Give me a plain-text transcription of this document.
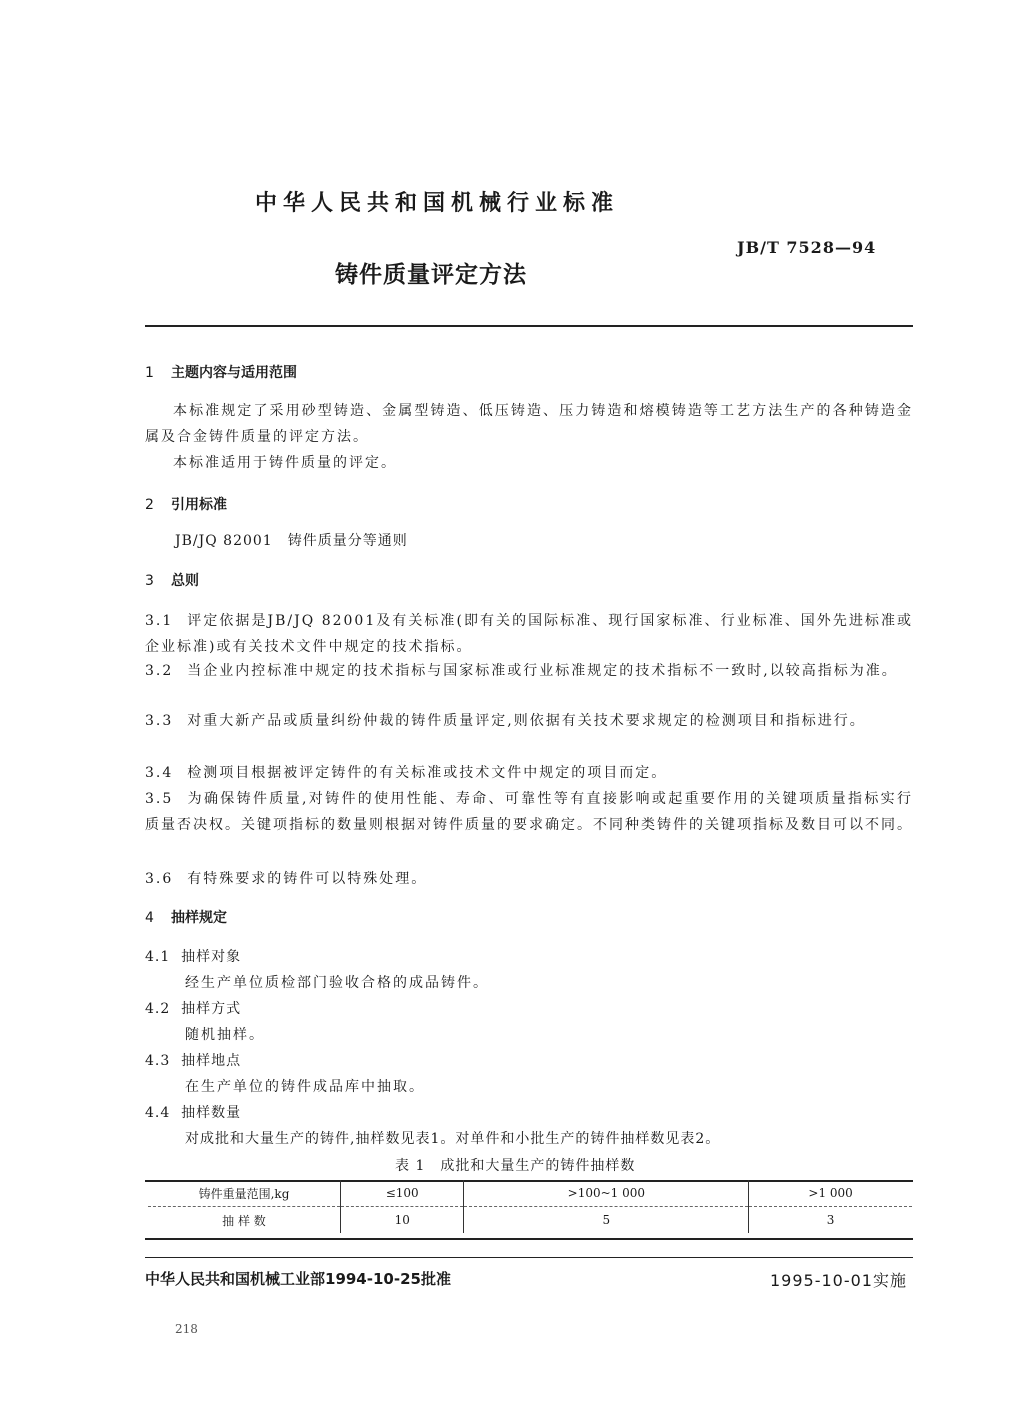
中华人民共和国机械行业标准
JB/T 7528—94
铸件质量评定方法
1 主题内容与适用范围
本标准规定了采用砂型铸造、金属型铸造、低压铸造、压力铸造和熔模铸造等工艺方法生产的各种铸造金属及合金铸件质量的评定方法。
本标准适用于铸件质量的评定。
2 引用标准
JB/JQ 82001　铸件质量分等通则
3 总则
3.1 评定依据是JB/JQ 82001及有关标准(即有关的国际标准、现行国家标准、行业标准、国外先进标准或企业标准)或有关技术文件中规定的技术指标。
3.2 当企业内控标准中规定的技术指标与国家标准或行业标准规定的技术指标不一致时,以较高指标为准。
3.3 对重大新产品或质量纠纷仲裁的铸件质量评定,则依据有关技术要求规定的检测项目和指标进行。
3.4 检测项目根据被评定铸件的有关标准或技术文件中规定的项目而定。
3.5 为确保铸件质量,对铸件的使用性能、寿命、可靠性等有直接影响或起重要作用的关键项质量指标实行质量否决权。关键项指标的数量则根据对铸件质量的要求确定。不同种类铸件的关键项指标及数目可以不同。
3.6 有特殊要求的铸件可以特殊处理。
4 抽样规定
4.1 抽样对象
经生产单位质检部门验收合格的成品铸件。
4.2 抽样方式
随机抽样。
4.3 抽样地点
在生产单位的铸件成品库中抽取。
4.4 抽样数量
对成批和大量生产的铸件,抽样数见表1。对单件和小批生产的铸件抽样数见表2。
表 1　成批和大量生产的铸件抽样数
铸件重量范围,kg	≤100	>100~1 000	>1 000
抽 样 数	10	5	3
中华人民共和国机械工业部1994-10-25批准	1995-10-01实施
218
